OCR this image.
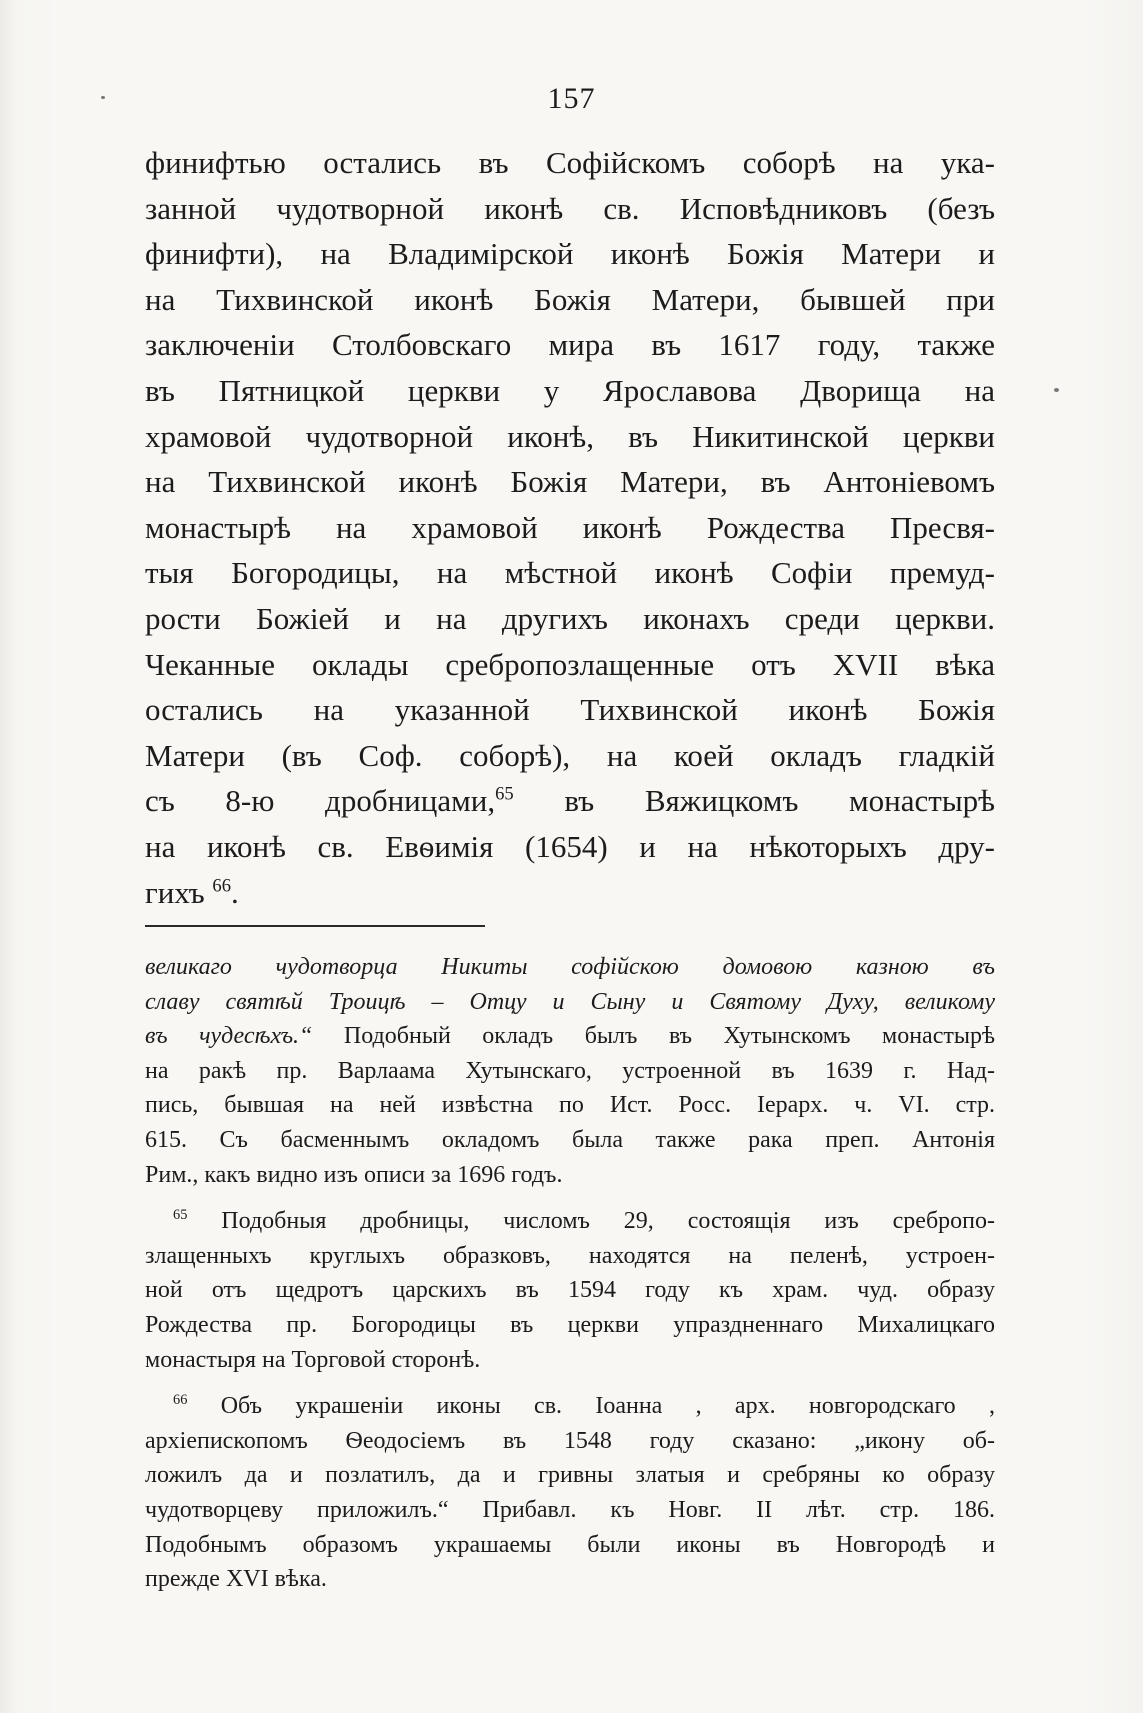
157
финифтью остались въ Софійскомъ соборѣ на ука-
занной чудотворной иконѣ св. Исповѣдниковъ (безъ
финифти), на Владимірской иконѣ Божія Матери и
на Тихвинской иконѣ Божія Матери, бывшей при
заключеніи Столбовскаго мира въ 1617 году, также
въ Пятницкой церкви у Ярославова Дворища на
храмовой чудотворной иконѣ, въ Никитинской церкви
на Тихвинской иконѣ Божія Матери, въ Антоніевомъ
монастырѣ на храмовой иконѣ Рождества Пресвя-
тыя Богородицы, на мѣстной иконѣ Софіи премуд-
рости Божіей и на другихъ иконахъ среди церкви.
Чеканные оклады сребропозлащенные отъ XVII вѣка
остались на указанной Тихвинской иконѣ Божія
Матери (въ Соф. соборѣ), на коей окладъ гладкій
съ 8-ю дробницами,$^{65}$ въ Вяжицкомъ монастырѣ
на иконѣ св. Евѳимія (1654) и на нѣкоторыхъ дру-
гихъ $^{66}$.
великаго чудотворца Никиты софійскою домовою казною въ
славу святѣй Троицѣ – Отцу и Сыну и Святому Духу, великому
въ чудесѣхъ.“ Подобный окладъ былъ въ Хутынскомъ монастырѣ
на ракѣ пр. Варлаама Хутынскаго, устроенной въ 1639 г. Над-
пись, бывшая на ней извѣстна по Ист. Росс. Іерарх. ч. VI. стр.
615. Съ басменнымъ окладомъ была также рака преп. Антонія
Рим., какъ видно изъ описи за 1696 годъ.
$^{65}$ Подобныя дробницы, числомъ 29, состоящія изъ сребропо-
злащенныхъ круглыхъ образковъ, находятся на пеленѣ, устроен-
ной отъ щедротъ царскихъ въ 1594 году къ храм. чуд. образу
Рождества пр. Богородицы въ церкви упраздненнаго Михалицкаго
монастыря на Торговой сторонѣ.
$^{66}$ Объ украшеніи иконы св. Іоанна , арх. новгородскаго ,
архіепископомъ Ѳеодосіемъ въ 1548 году сказано: „икону об-
ложилъ да и позлатилъ, да и гривны златыя и сребряны ко образу
чудотворцеву приложилъ.“ Прибавл. къ Новг. II лѣт. стр. 186.
Подобнымъ образомъ украшаемы были иконы въ Новгородѣ и
прежде XVI вѣка.
